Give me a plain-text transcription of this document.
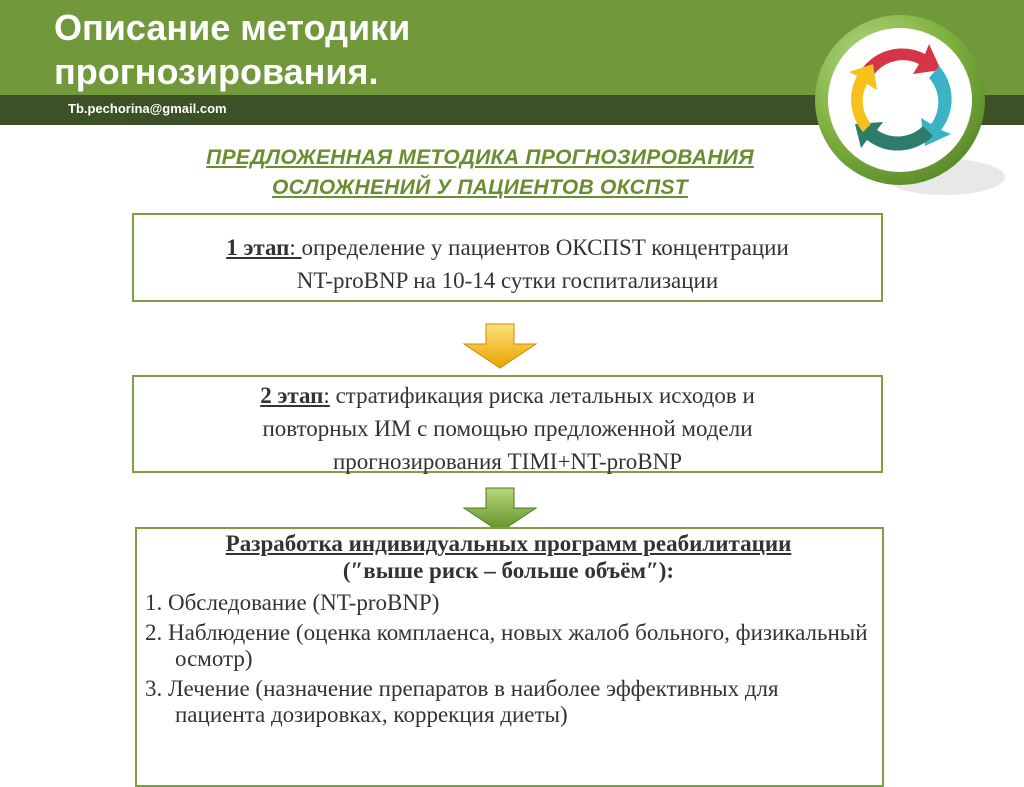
Описание методики
прогнозирования.
Tb.pechorina@gmail.com
ПРЕДЛОЖЕННАЯ МЕТОДИКА ПРОГНОЗИРОВАНИЯ
ОСЛОЖНЕНИЙ У ПАЦИЕНТОВ ОКСПST
1 этап: определение у пациентов ОКСПST концентрации
NT-proBNP на 10-14 сутки госпитализации
2 этап: стратификация риска летальных исходов и
повторных ИМ с помощью предложенной модели
прогнозирования TIMI+NT-proBNP
Разработка индивидуальных программ реабилитации
(″выше риск – больше объём″):
1. Обследование (NT-proBNP)
2. Наблюдение (оценка комплаенса, новых жалоб больного, физикальный осмотр)
3. Лечение (назначение препаратов в наиболее эффективных для пациента дозировках, коррекция диеты)
